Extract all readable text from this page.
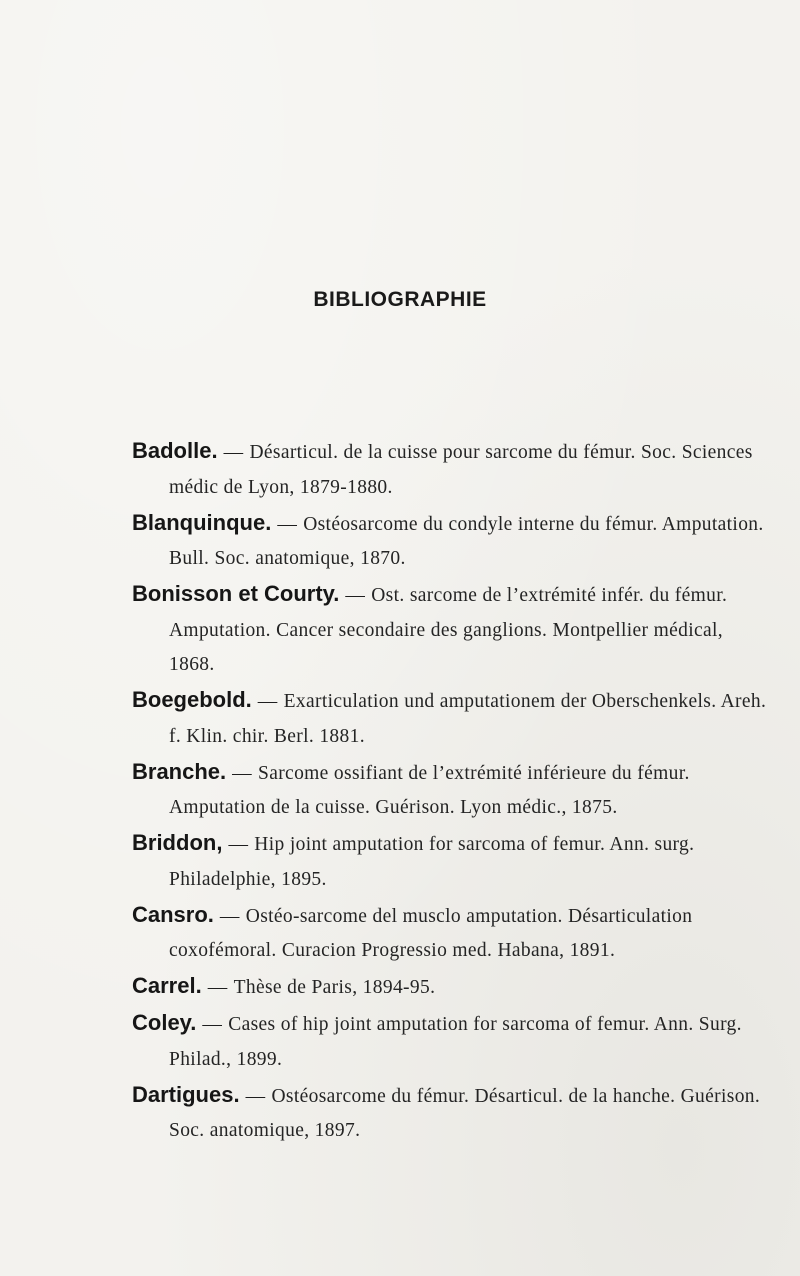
BIBLIOGRAPHIE
Badolle. — Désarticul. de la cuisse pour sarcome du fémur. Soc. Sciences médic de Lyon, 1879-1880.
Blanquinque. — Ostéosarcome du condyle interne du fémur. Amputation. Bull. Soc. anatomique, 1870.
Bonisson et Courty. — Ost. sarcome de l’extrémité infér. du fémur. Amputation. Cancer secondaire des ganglions. Montpellier médical, 1868.
Boegebold. — Exarticulation und amputationem der Oberschenkels. Areh. f. Klin. chir. Berl. 1881.
Branche. — Sarcome ossifiant de l’extrémité inférieure du fémur. Amputation de la cuisse. Guérison. Lyon médic., 1875.
Briddon, — Hip joint amputation for sarcoma of femur. Ann. surg. Philadelphie, 1895.
Cansro. — Ostéo-sarcome del musclo amputation. Désarticulation coxofémoral. Curacion Progressio med. Habana, 1891.
Carrel. — Thèse de Paris, 1894-95.
Coley. — Cases of hip joint amputation for sarcoma of femur. Ann. Surg. Philad., 1899.
Dartigues. — Ostéosarcome du fémur. Désarticul. de la hanche. Guérison. Soc. anatomique, 1897.
